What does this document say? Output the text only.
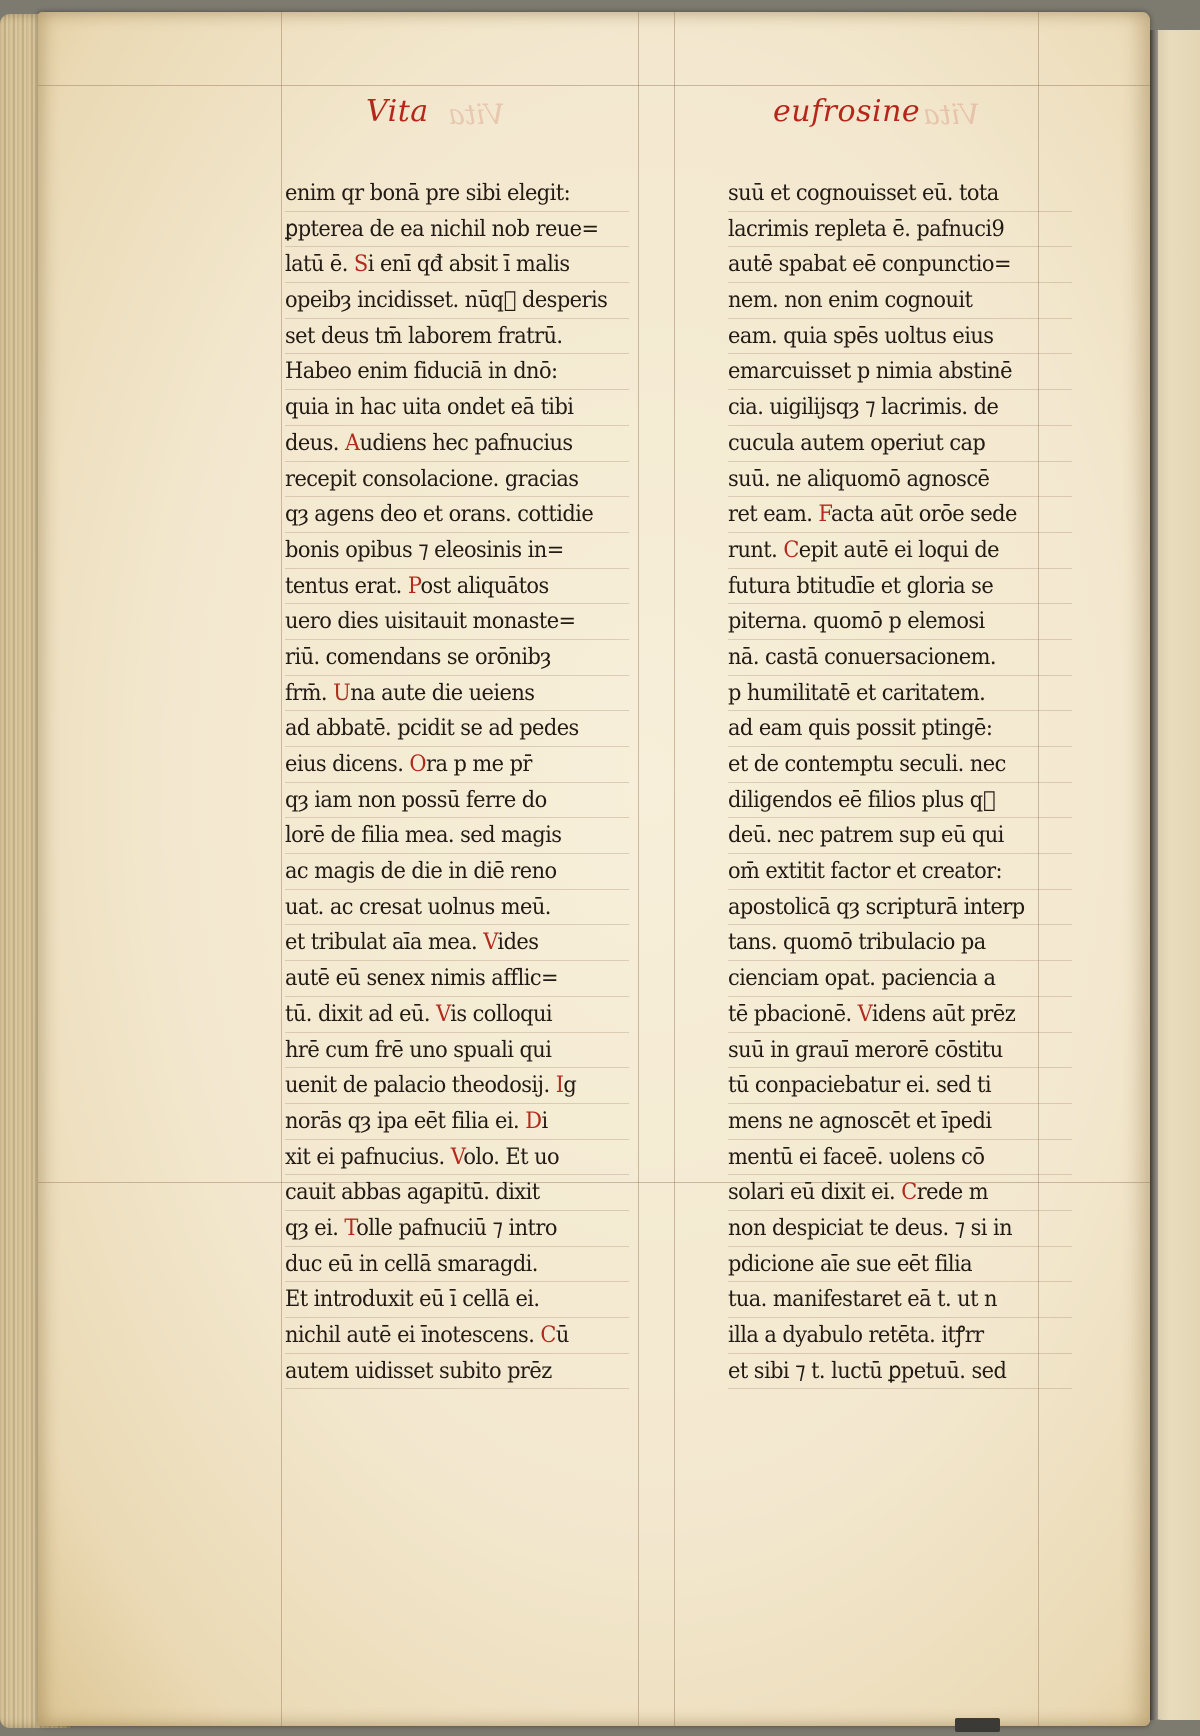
Vita Vita	eufrosine Vita
enim qr bonā pre sibi elegit:
ꝑpterea de ea nichil nob reue=
latū ē. Si enī qđ absit ī malis
opeibȝ incidisset. nūqᷓ desperis
set deus tm̄ laborem fratrū.
Habeo enim fiduciā in dnō:
quia in hac uita ondet eā tibi
deus. Audiens hec pafnucius
recepit consolacione. gracias
qȝ agens deo et orans. cottidie
bonis opibus ⁊ eleosinis in=
tentus erat. Post aliquātos
uero dies uisitauit monaste=
riū. comendans se orōnibȝ
frm̄. Una aute die ueiens
ad abbatē. pcidit se ad pedes
eius dicens. Ora p me pr̄
qȝ iam non possū ferre do
lorē de filia mea. sed magis
ac magis de die in diē reno
uat. ac cresat uolnus meū.
et tribulat aīa mea. Vides
autē eū senex nimis afflic=
tū. dixit ad eū. Vis colloqui
hrē cum frē uno spuali qui
uenit de palacio theodosij. Ig
norās qȝ ipa eēt filia ei. Di
xit ei pafnucius. Volo. Et uo
cauit abbas agapitū. dixit
qȝ ei. Tolle pafnuciū ⁊ intro
duc eū in cellā smaragdi.
Et introduxit eū ī cellā ei.
nichil autē ei īnotescens. Cū
autem uidisset subito prēz
suū et cognouisset eū. tota
lacrimis repleta ē. pafnuci9
autē spabat eē conpunctio=
nem. non enim cognouit
eam. quia spēs uoltus eius
emarcuisset p nimia abstinē
cia. uigilijsqȝ ⁊ lacrimis. de
cucula autem operiut cap
suū. ne aliquomō agnoscē
ret eam. Facta aūt orōe sede
runt. Cepit autē ei loqui de
futura btitudīe et gloria se
piterna. quomō p elemosi
nā. castā conuersacionem.
p humilitatē et caritatem.
ad eam quis possit ptingē:
et de contemptu seculi. nec
diligendos eē filios plus qᷓ
deū. nec patrem sup eū qui
om̄ extitit factor et creator:
apostolicā qȝ scripturā interp
tans. quomō tribulacio pa
cienciam opat. paciencia a
tē pbacionē. Videns aūt prēz
suū in grauī merorē cōstitu
tū conpaciebatur ei. sed ti
mens ne agnoscēt et īpedi
mentū ei faceē. uolens cō
solari eū dixit ei. Crede m
non despiciat te deus. ⁊ si in
pdicione aīe sue eēt filia
tua. manifestaret eā t. ut n
illa a dyabulo retēta. itꝭrr
et sibi ⁊ t. luctū ꝑpetuū. sed
